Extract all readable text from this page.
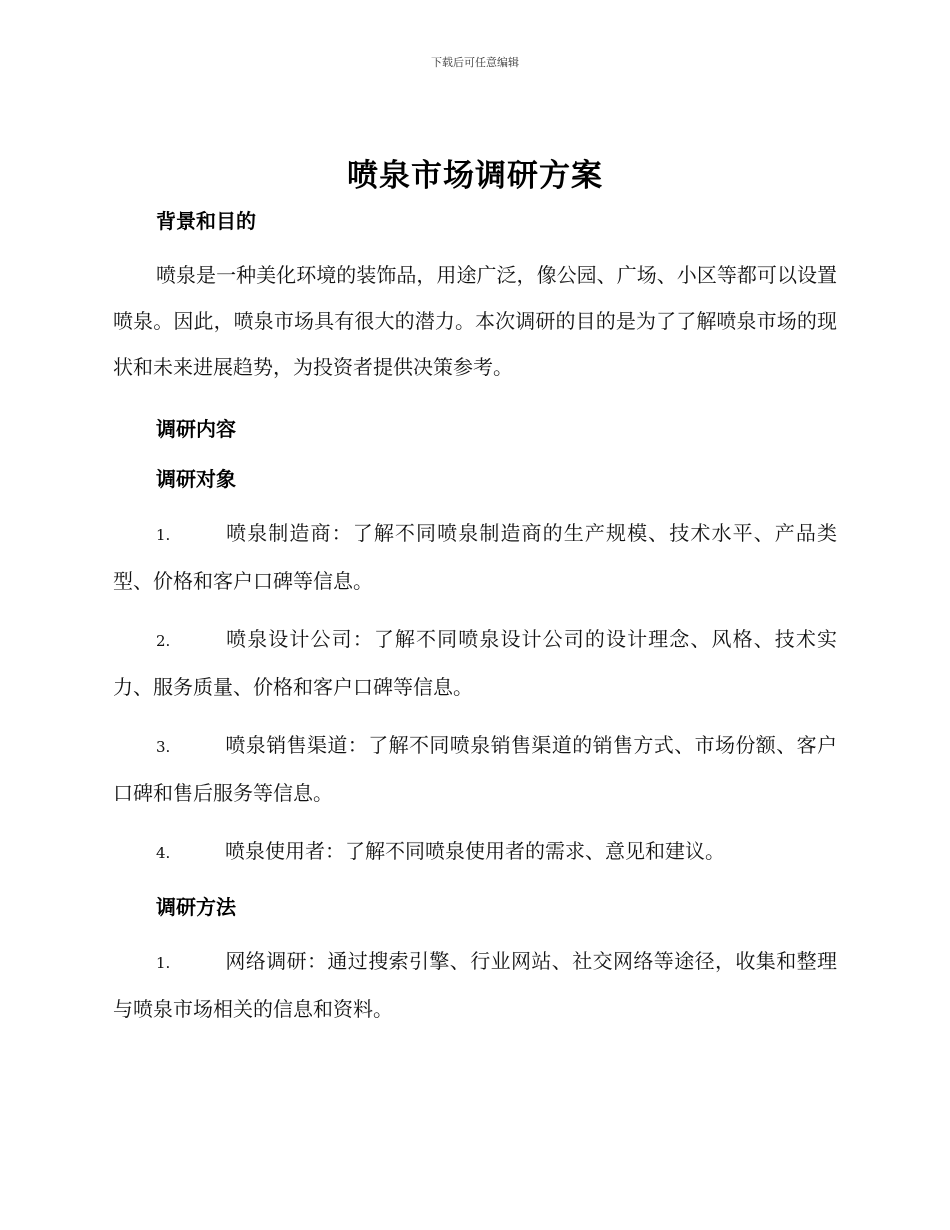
下载后可任意编辑
喷泉市场调研方案
背景和目的

喷泉是一种美化环境的装饰品，用途广泛，像公园、广场、小区等都可以设置喷泉。因此，喷泉市场具有很大的潜力。本次调研的目的是为了了解喷泉市场的现状和未来进展趋势，为投资者提供决策参考。

调研内容
调研对象

1.	喷泉制造商：了解不同喷泉制造商的生产规模、技术水平、产品类型、价格和客户口碑等信息。

2.	喷泉设计公司：了解不同喷泉设计公司的设计理念、风格、技术实力、服务质量、价格和客户口碑等信息。

3.	喷泉销售渠道：了解不同喷泉销售渠道的销售方式、市场份额、客户口碑和售后服务等信息。

4.	喷泉使用者：了解不同喷泉使用者的需求、意见和建议。

调研方法

1.	网络调研：通过搜索引擎、行业网站、社交网络等途径，收集和整理与喷泉市场相关的信息和资料。
